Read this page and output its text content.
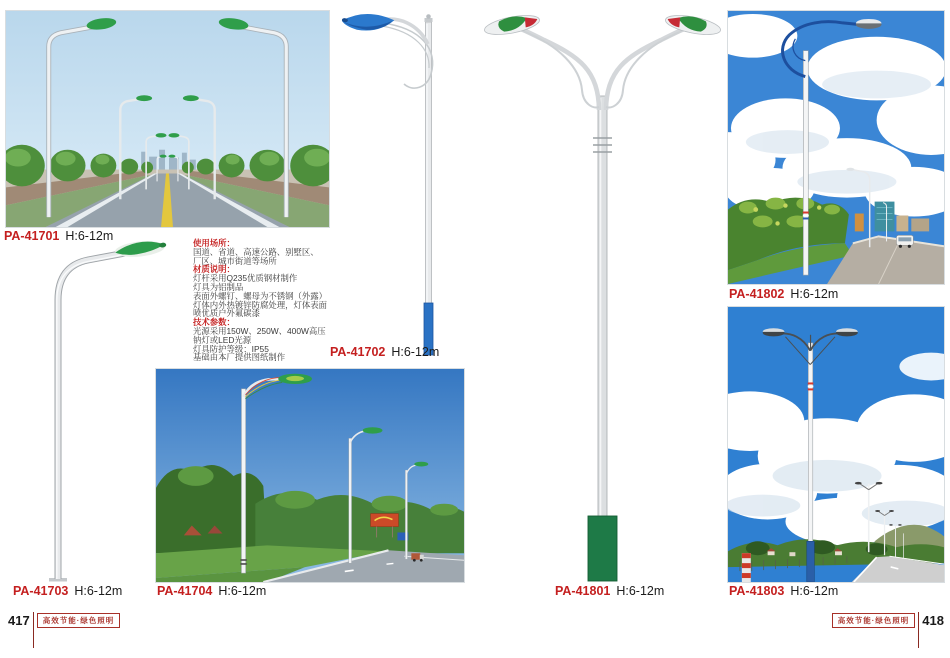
使用场所：
国道、省道、高速公路、别墅区、
厂区、城市街道等场所
材质说明：
灯杆采用Q235优质钢材制作
灯具为铝制品
表面外螺钉、螺母为不锈钢（外露）
灯体内外热镀锌防腐处理，灯体表面
喷优质户外氟碳漆
技术参数：
光源采用150W、250W、400W高压
钠灯或LED光源
灯具防护等级：IP55
基础由本厂提供图纸制作
PA-41701 H:6-12m
PA-41702 H:6-12m
PA-41703 H:6-12m	PA-41704 H:6-12m	PA-41801 H:6-12m
PA-41802 H:6-12m
PA-41803 H:6-12m
417	高效节能·绿色照明	高效节能·绿色照明	418
